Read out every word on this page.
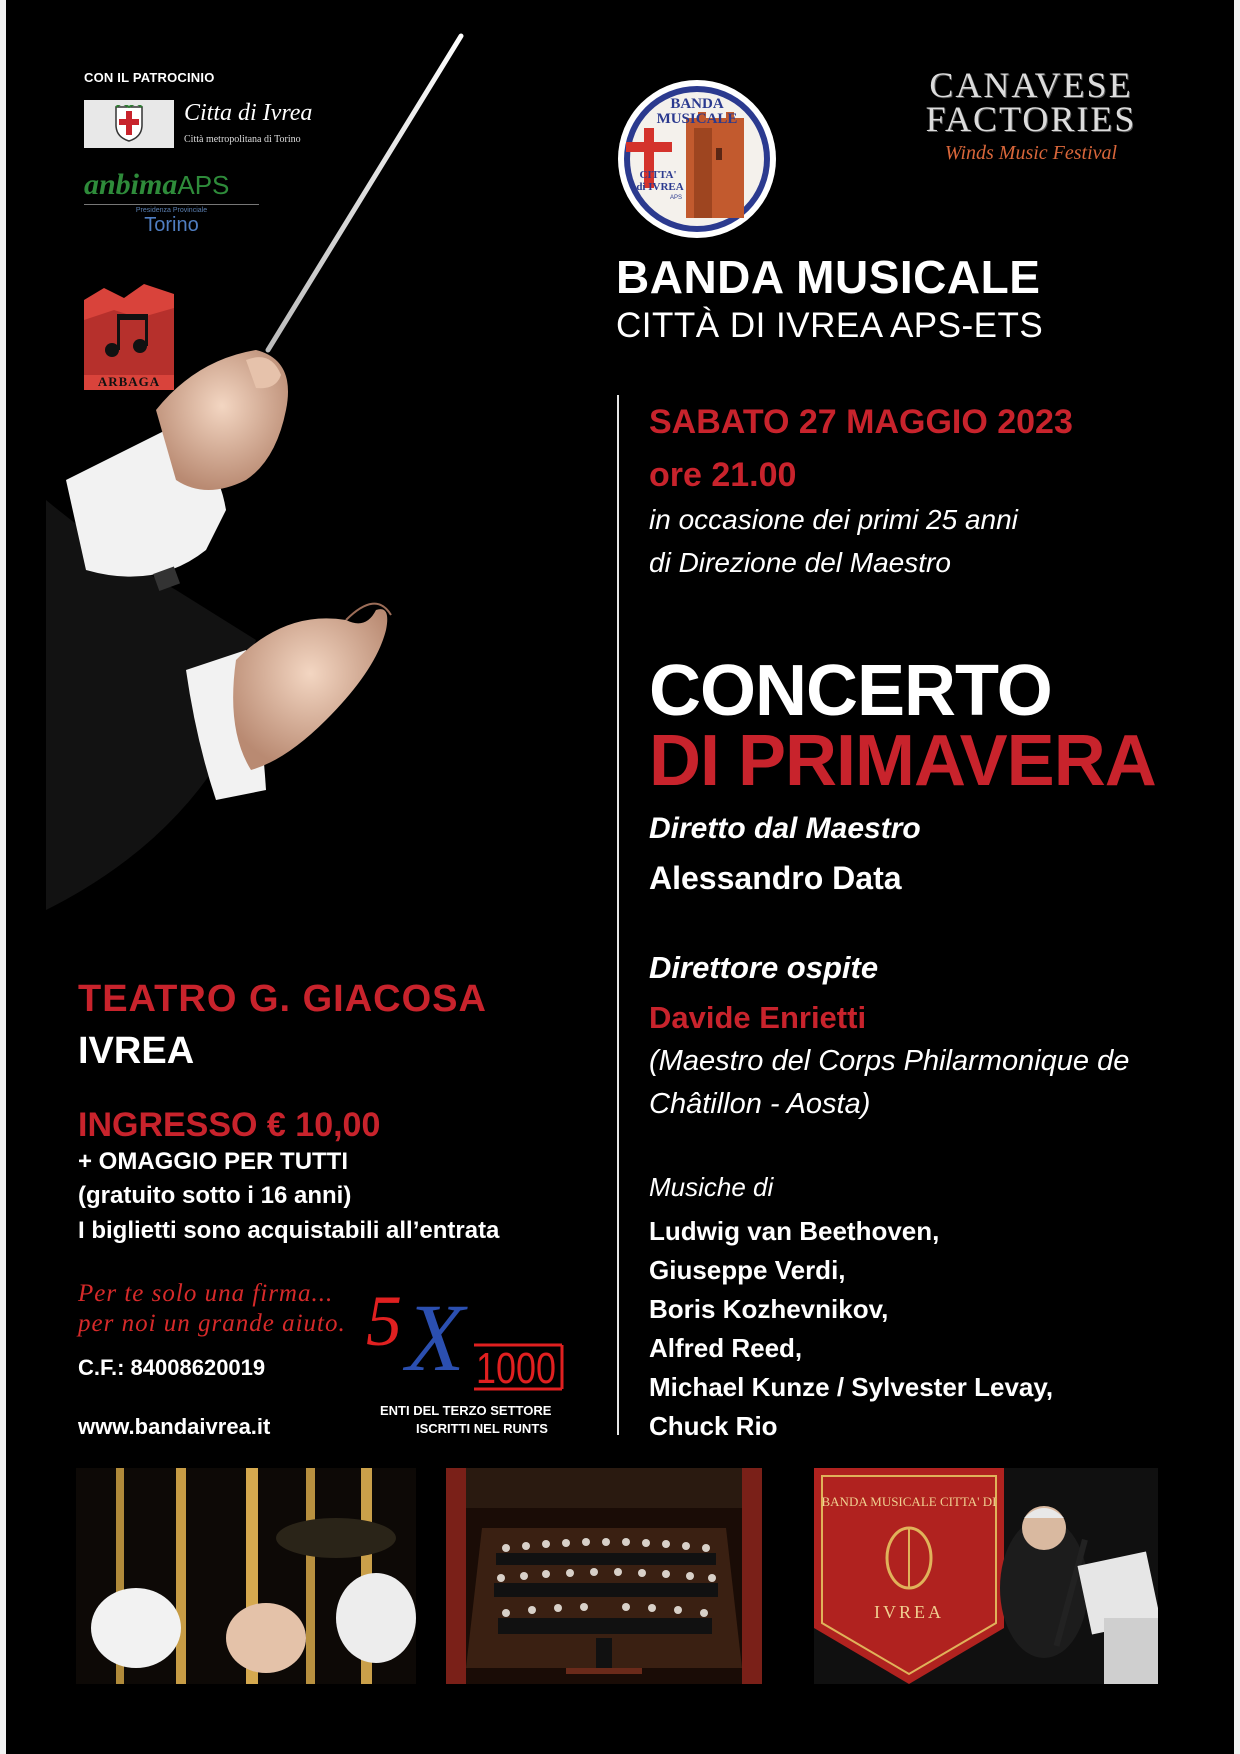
CON IL PATROCINIO
Citta di Ivrea
Città metropolitana di Torino
anbimaAPS
Presidenza Provinciale
Torino
ARBAGA
BANDA
MUSICALE
CITTA'
di IVREA
APS
CANAVESE
FACTORIES
Winds Music Festival
BANDA MUSICALE
CITTÀ DI IVREA APS-ETS
SABATO 27 MAGGIO 2023
ore 21.00
in occasione dei primi 25 anni
di Direzione del Maestro
CONCERTO
DI PRIMAVERA
Diretto dal Maestro
Alessandro Data
Direttore ospite
Davide Enrietti
(Maestro del Corps Philarmonique de
Châtillon - Aosta)
Musiche di
Ludwig van Beethoven,
Giuseppe Verdi,
Boris Kozhevnikov,
Alfred Reed,
Michael Kunze / Sylvester Levay,
Chuck Rio
TEATRO G. GIACOSA
IVREA
INGRESSO € 10,00
+ OMAGGIO PER TUTTI
(gratuito sotto i 16 anni)
I biglietti sono acquistabili all’entrata
Per te solo una firma...
per noi un grande aiuto.
C.F.: 84008620019
www.bandaivrea.it
5 X 1000
ENTI DEL TERZO SETTORE
ISCRITTI NEL RUNTS
BANDA MUSICALE CITTA' DI
IVREA
